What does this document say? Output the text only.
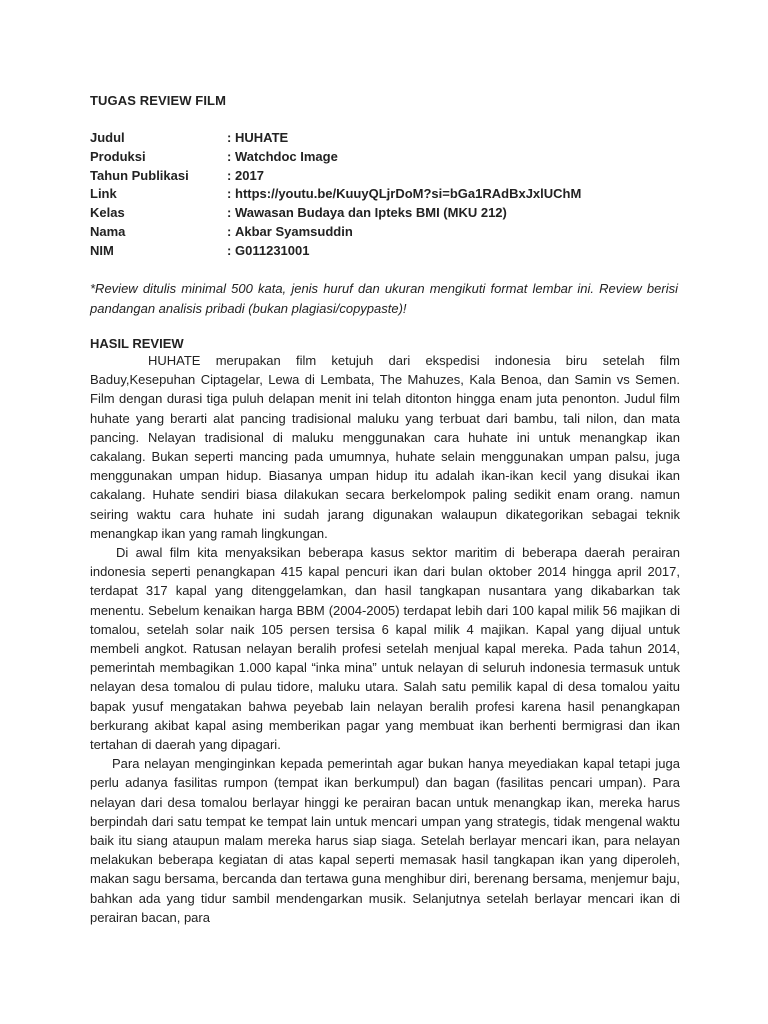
TUGAS REVIEW FILM
Judul	: HUHATE
Produksi	: Watchdoc Image
Tahun Publikasi	: 2017
Link	: https://youtu.be/KuuyQLjrDoM?si=bGa1RAdBxJxlUChM
Kelas	: Wawasan Budaya dan Ipteks BMI (MKU 212)
Nama	: Akbar Syamsuddin
NIM	: G011231001
*Review ditulis minimal 500 kata, jenis huruf dan ukuran mengikuti format lembar ini. Review berisi pandangan analisis pribadi (bukan plagiasi/copypaste)!
HASIL REVIEW

HUHATE merupakan film ketujuh dari ekspedisi indonesia biru setelah film Baduy,Kesepuhan Ciptagelar, Lewa di Lembata, The Mahuzes, Kala Benoa, dan Samin vs Semen. Film dengan durasi tiga puluh delapan menit ini telah ditonton hingga enam juta penonton. Judul film huhate yang berarti alat pancing tradisional maluku yang terbuat dari bambu, tali nilon, dan mata pancing. Nelayan tradisional di maluku menggunakan cara huhate ini untuk menangkap ikan cakalang. Bukan seperti mancing pada umumnya, huhate selain menggunakan umpan palsu, juga menggunakan umpan hidup. Biasanya umpan hidup itu adalah ikan-ikan kecil yang disukai ikan cakalang. Huhate sendiri biasa dilakukan secara berkelompok paling sedikit enam orang. namun seiring waktu cara huhate ini sudah jarang digunakan walaupun dikategorikan sebagai teknik menangkap ikan yang ramah lingkungan.

Di awal film kita menyaksikan beberapa kasus sektor maritim di beberapa daerah perairan indonesia seperti penangkapan 415 kapal pencuri ikan dari bulan oktober 2014 hingga april 2017, terdapat 317 kapal yang ditenggelamkan, dan hasil tangkapan nusantara yang dikabarkan tak menentu. Sebelum kenaikan harga BBM (2004-2005) terdapat lebih dari 100 kapal milik 56 majikan di tomalou, setelah solar naik 105 persen tersisa 6 kapal milik 4 majikan. Kapal yang dijual untuk membeli angkot. Ratusan nelayan beralih profesi setelah menjual kapal mereka. Pada tahun 2014, pemerintah membagikan 1.000 kapal “inka mina” untuk nelayan di seluruh indonesia termasuk untuk nelayan desa tomalou di pulau tidore, maluku utara. Salah satu pemilik kapal di desa tomalou yaitu bapak yusuf mengatakan bahwa peyebab lain nelayan beralih profesi karena hasil penangkapan berkurang akibat kapal asing memberikan pagar yang membuat ikan berhenti bermigrasi dan ikan tertahan di daerah yang dipagari.

Para nelayan menginginkan kepada pemerintah agar bukan hanya meyediakan kapal tetapi juga perlu adanya fasilitas rumpon (tempat ikan berkumpul) dan bagan (fasilitas pencari umpan). Para nelayan dari desa tomalou berlayar hinggi ke perairan bacan untuk menangkap ikan, mereka harus berpindah dari satu tempat ke tempat lain untuk mencari umpan yang strategis, tidak mengenal waktu baik itu siang ataupun malam mereka harus siap siaga. Setelah berlayar mencari ikan, para nelayan melakukan beberapa kegiatan di atas kapal seperti memasak hasil tangkapan ikan yang diperoleh, makan sagu bersama, bercanda dan tertawa guna menghibur diri, berenang bersama, menjemur baju, bahkan ada yang tidur sambil mendengarkan musik. Selanjutnya setelah berlayar mencari ikan di perairan bacan, para
